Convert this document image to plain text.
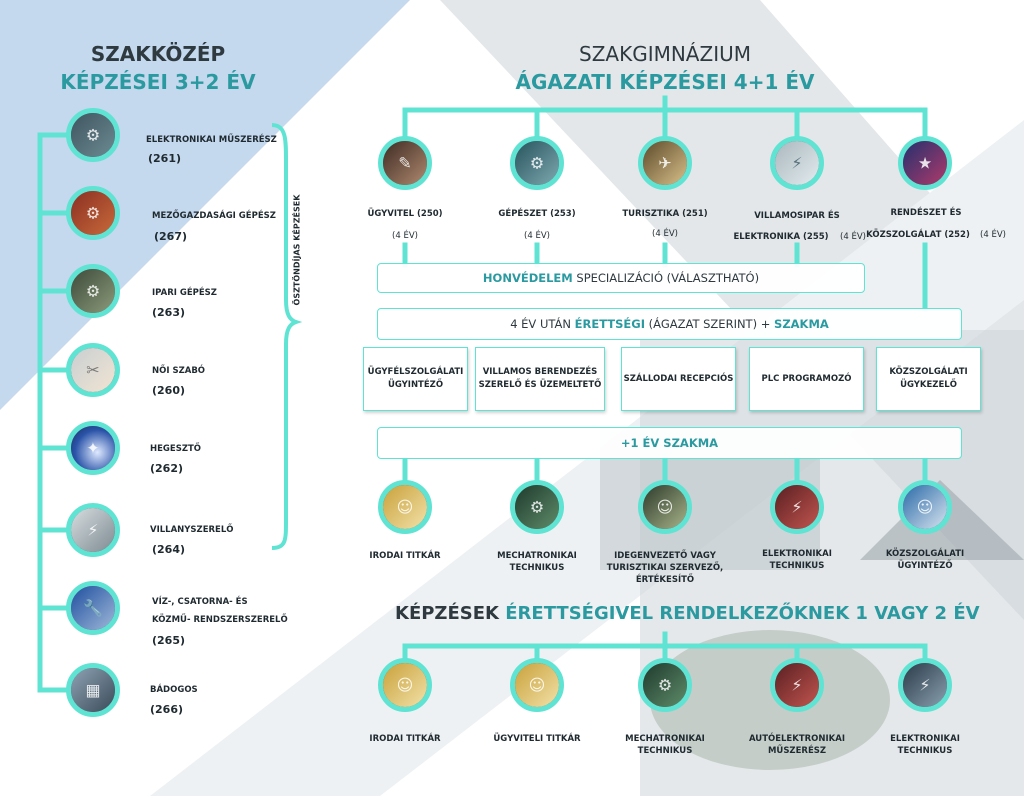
SZAKKÖZÉP
KÉPZÉSEI 3+2 ÉV
⚙	ELEKTRONIKAI MŰSZERÉSZ
(261)
⚙	MEZŐGAZDASÁGI GÉPÉSZ
(267)
⚙	IPARI GÉPÉSZ
(263)
✂	NŐI SZABÓ
(260)
✦	HEGESZTŐ
(262)
⚡	VILLANYSZERELŐ
(264)
🔧	VÍZ-, CSATORNA- ÉS
KÖZMŰ- RENDSZERSZERELŐ
(265)
▦	BÁDOGOS
(266)
ÖSZTÖNDÍJAS KÉPZÉSEK
SZAKGIMNÁZIUM
ÁGAZATI KÉPZÉSEI 4+1 ÉV
✎
ÜGYVITEL (250)
(4 ÉV)
⚙
GÉPÉSZET (253)
(4 ÉV)
✈
TURISZTIKA (251)
(4 ÉV)
⚡
VILLAMOSIPAR ÉS
ELEKTRONIKA (255)	(4 ÉV)
★
RENDÉSZET ÉS
KÖZSZOLGÁLAT (252)	(4 ÉV)
HONVÉDELEM SPECIALIZÁCIÓ (VÁLASZTHATÓ)
4 ÉV UTÁN ÉRETTSÉGI (ÁGAZAT SZERINT) + SZAKMA
ÜGYFÉLSZOLGÁLATI
ÜGYINTÉZŐ
VILLAMOS BERENDEZÉS
SZERELŐ ÉS ÜZEMELTETŐ
SZÁLLODAI RECEPCIÓS	PLC PROGRAMOZÓ
KÖZSZOLGÁLATI
ÜGYKEZELŐ
+1 ÉV SZAKMA
☺
IRODAI TITKÁR
⚙
MECHATRONIKAI
TECHNIKUS
☺
IDEGENVEZETŐ VAGY
TURISZTIKAI SZERVEZŐ,
ÉRTÉKESÍTŐ
⚡
ELEKTRONIKAI
TECHNIKUS
☺
KÖZSZOLGÁLATI
ÜGYINTÉZŐ
KÉPZÉSEK ÉRETTSÉGIVEL RENDELKEZŐKNEK 1 VAGY 2 ÉV
☺
IRODAI TITKÁR
☺
ÜGYVITELI TITKÁR
⚙
MECHATRONIKAI
TECHNIKUS
⚡
AUTÓELEKTRONIKAI
MŰSZERÉSZ
⚡
ELEKTRONIKAI
TECHNIKUS
